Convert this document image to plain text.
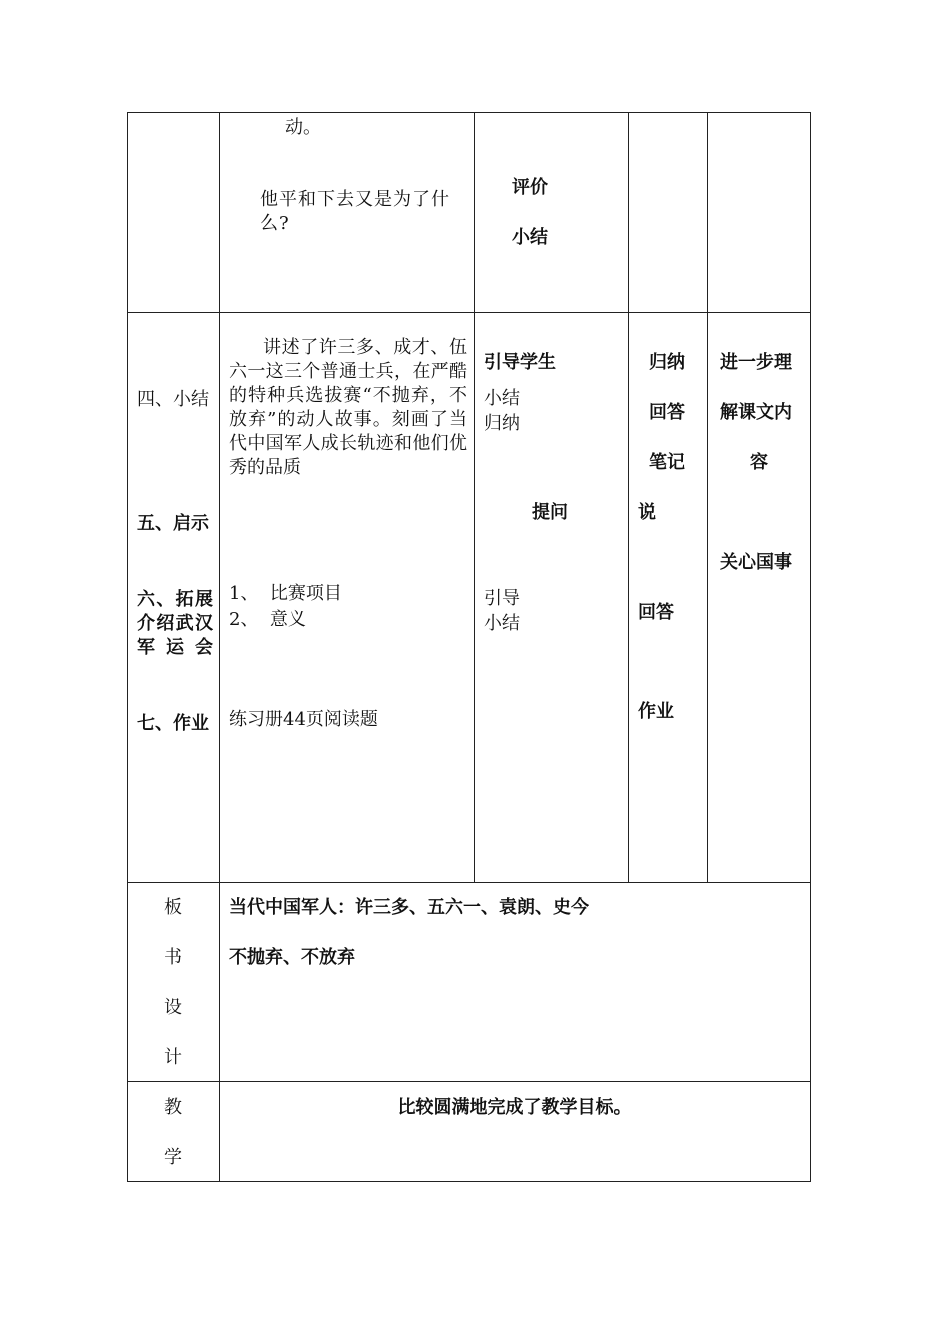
动。
他平和下去又是为了什么?
评价
小结
四、小结
五、启示
六、拓展介绍武汉军运会
七、作业
讲述了许三多、成才、伍六一这三个普通士兵，在严酷的特种兵选拔赛“不抛弃，不放弃”的动人故事。刻画了当代中国军人成长轨迹和他们优秀的品质
1、  比赛项目
2、  意义
练习册44页阅读题
引导学生
小结
归纳
提问
引导
小结
归纳
回答
笔记
说
回答
作业
进一步理
解课文内
容
关心国事
板
书
设
计
当代中国军人：许三多、五六一、袁朗、史今
不抛弃、不放弃
教
学
比较圆满地完成了教学目标。
